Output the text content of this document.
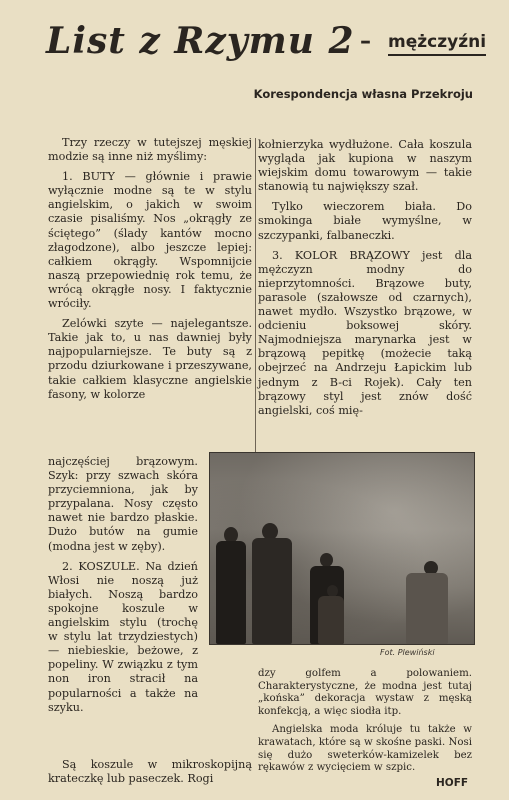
List z Rzymu 2 – mężczyźni
Korespondencja własna Przekroju

Trzy rzeczy w tutejszej męskiej modzie są inne niż myślimy:

1. BUTY — głównie i prawie wyłącznie modne są te w stylu angielskim, o jakich w swoim czasie pisaliśmy. Nos „okrągły ze ściętego” (ślady kantów mocno złagodzone), albo jeszcze lepiej: całkiem okrągły. Wspomnijcie naszą przepowiednię rok temu, że wrócą okrągłe nosy. I faktycznie wróciły.

Zelówki szyte — najelegantsze. Takie jak to, u nas dawniej były najpopularniejsze. Te buty są z przodu dziurkowane i przeszywane, takie całkiem klasyczne angielskie fasony, w kolorze

najczęściej brązowym. Szyk: przy szwach skóra przyciemniona, jak by przypalana. Nosy często nawet nie bardzo płaskie. Dużo butów na gumie (modna jest w zęby).

2. KOSZULE. Na dzień Włosi nie noszą już białych. Noszą bardzo spokojne koszule w angielskim stylu (trochę w stylu lat trzydziestych) — niebieskie, beżowe, z popeliny. W związku z tym non iron stracił na popularności a także na szyku.

Są koszule w mikroskopijną krateczkę lub paseczek. Rogi

kołnierzyka wydłużone. Cała koszula wygląda jak kupiona w naszym wiejskim domu towarowym — takie stanowią tu największy szał.

Tylko wieczorem biała. Do smokinga białe wymyślne, w szczypanki, falbaneczki.

3. KOLOR BRĄZOWY jest dla mężczyzn modny do nieprzytomności. Brązowe buty, parasole (szałowsze od czarnych), nawet mydło. Wszystko brązowe, w odcieniu boksowej skóry. Najmodniejsza marynarka jest w brązową pepitkę (możecie taką obejrzeć na Andrzeju Łapickim lub jednym z B-ci Rojek). Cały ten brązowy styl jest znów dość angielski, coś mię-

Fot. Plewiński

dzy golfem a polowaniem. Charakterystyczne, że modna jest tutaj „końska” dekoracja wystaw z męską konfekcją, a więc siodła itp.

Angielska moda króluje tu także w krawatach, które są w skośne paski. Nosi się dużo sweterków-kamizelek bez rękawów z wycięciem w szpic.

HOFF
